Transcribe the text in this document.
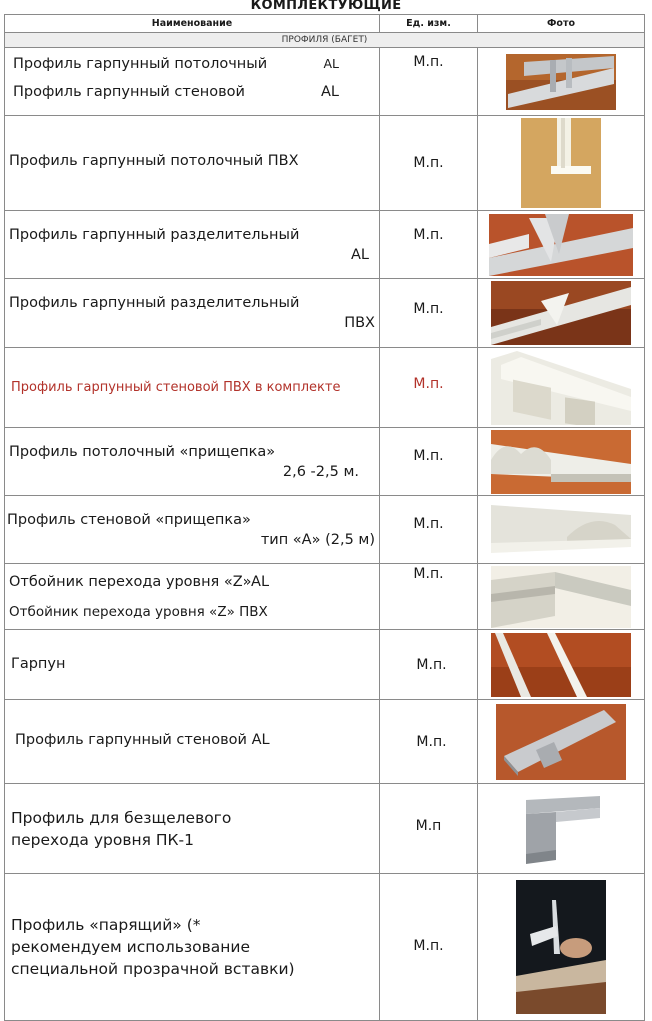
КОМПЛЕКТУЮЩИЕ
Наименование	Ед. изм.	Фото
ПРОФИЛЯ (БАГЕТ)		

Профиль гарпунный потолочный AL
Профиль гарпунный стеновой AL	М.п.	

Профиль гарпунный потолочный ПВХ	М.п.	

Профиль гарпунный разделительный
AL	М.п.	

Профиль гарпунный разделительный
ПВХ	М.п.	

Профиль гарпунный стеновой ПВХ в комплекте	М.п.	

Профиль потолочный «прищепка»
2,6 -2,5 м.	М.п.	

Профиль стеновой «прищепка»
тип «А» (2,5 м)	М.п.	

Отбойник перехода уровня «Z»AL
Отбойник перехода уровня «Z» ПВХ	М.п.	

Гарпун	М.п.	

Профиль гарпунный стеновой AL	М.п.	

Профиль для безщелевого
перехода уровня ПК-1	М.п	

Профиль «парящий» (*
рекомендуем использование
специальной прозрачной вставки)	М.п.	
